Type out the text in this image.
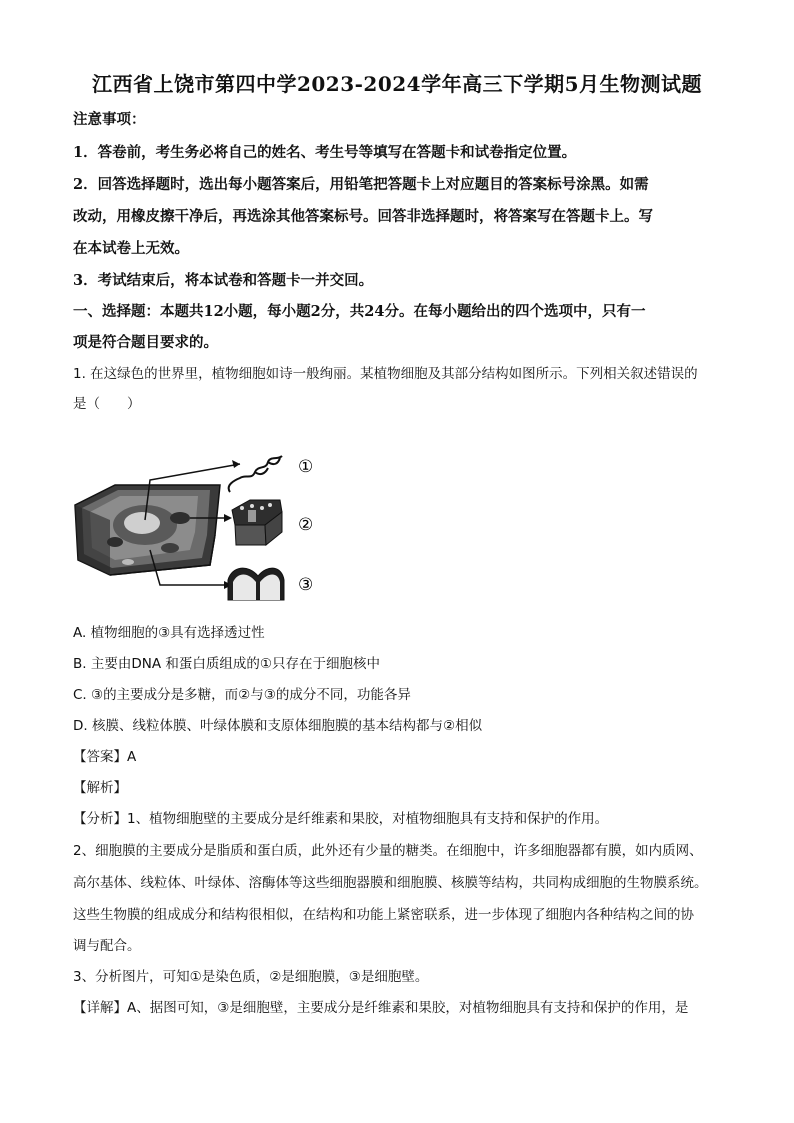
江西省上饶市第四中学2023-2024学年高三下学期5月生物测试题
注意事项：
1．答卷前，考生务必将自己的姓名、考生号等填写在答题卡和试卷指定位置。
2．回答选择题时，选出每小题答案后，用铅笔把答题卡上对应题目的答案标号涂黑。如需
改动，用橡皮擦干净后，再选涂其他答案标号。回答非选择题时，将答案写在答题卡上。写
在本试卷上无效。
3．考试结束后，将本试卷和答题卡一并交回。
一、选择题：本题共12小题，每小题2分，共24分。在每小题给出的四个选项中，只有一
项是符合题目要求的。
1. 在这绿色的世界里，植物细胞如诗一般绚丽。某植物细胞及其部分结构如图所示。下列相关叙述错误的
是（　　）
①
②
③
A. 植物细胞的③具有选择透过性
B. 主要由DNA 和蛋白质组成的①只存在于细胞核中
C. ③的主要成分是多糖，而②与③的成分不同，功能各异
D. 核膜、线粒体膜、叶绿体膜和支原体细胞膜的基本结构都与②相似
【答案】A
【解析】
【分析】1、植物细胞壁的主要成分是纤维素和果胶，对植物细胞具有支持和保护的作用。
2、细胞膜的主要成分是脂质和蛋白质，此外还有少量的糖类。在细胞中，许多细胞器都有膜，如内质网、
高尔基体、线粒体、叶绿体、溶酶体等这些细胞器膜和细胞膜、核膜等结构，共同构成细胞的生物膜系统。
这些生物膜的组成成分和结构很相似，在结构和功能上紧密联系，进一步体现了细胞内各种结构之间的协
调与配合。
3、分析图片，可知①是染色质，②是细胞膜，③是细胞壁。
【详解】A、据图可知，③是细胞壁，主要成分是纤维素和果胶，对植物细胞具有支持和保护的作用，是
